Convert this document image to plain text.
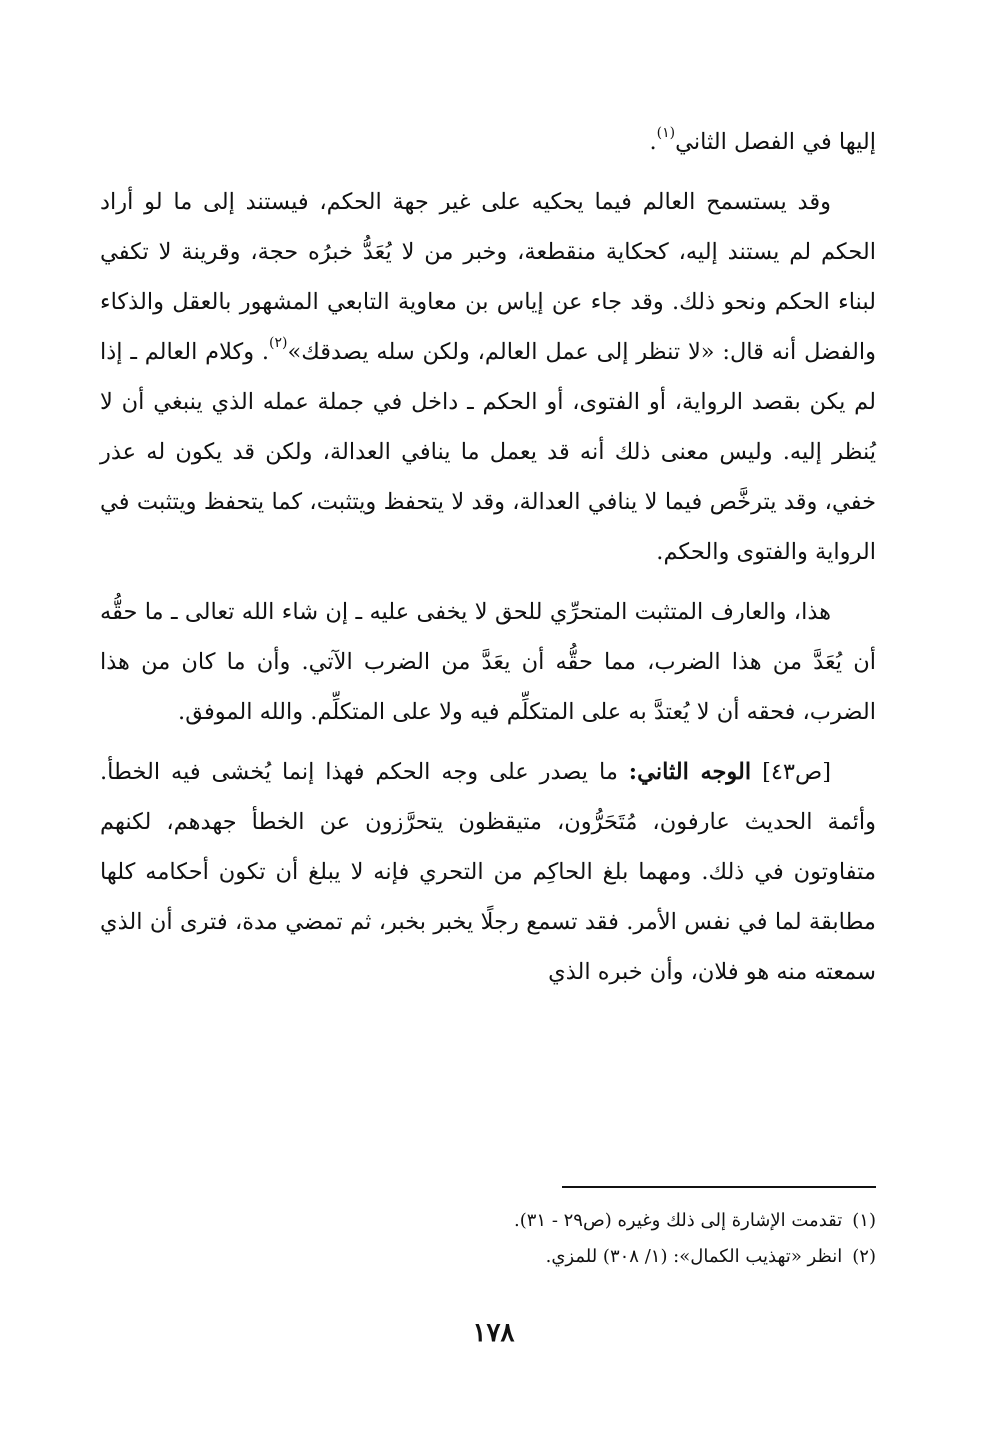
إليها في الفصل الثاني$^{(١)}$.

وقد يستسمح العالم فيما يحكيه على غير جهة الحكم، فيستند إلى ما لو أراد الحكم لم يستند إليه، كحكاية منقطعة، وخبر من لا يُعَدُّ خبرُه حجة، وقرينة لا تكفي لبناء الحكم ونحو ذلك. وقد جاء عن إياس بن معاوية التابعي المشهور بالعقل والذكاء والفضل أنه قال: «لا تنظر إلى عمل العالم، ولكن سله يصدقك»$^{(٢)}$. وكلام العالم ـ إذا لم يكن بقصد الرواية، أو الفتوى، أو الحكم ـ داخل في جملة عمله الذي ينبغي أن لا يُنظر إليه. وليس معنى ذلك أنه قد يعمل ما ينافي العدالة، ولكن قد يكون له عذر خفي، وقد يترخَّص فيما لا ينافي العدالة، وقد لا يتحفظ ويتثبت، كما يتحفظ ويتثبت في الرواية والفتوى والحكم.

هذا، والعارف المتثبت المتحرِّي للحق لا يخفى عليه ـ إن شاء الله تعالى ـ ما حقُّه أن يُعَدَّ من هذا الضرب، مما حقُّه أن يعَدَّ من الضرب الآتي. وأن ما كان من هذا الضرب، فحقه أن لا يُعتدَّ به على المتكلِّم فيه ولا على المتكلِّم. والله الموفق.

[ص٤٣] الوجه الثاني: ما يصدر على وجه الحكم فهذا إنما يُخشى فيه الخطأ. وأئمة الحديث عارفون، مُتَحَرُّون، متيقظون يتحرَّزون عن الخطأ جهدهم، لكنهم متفاوتون في ذلك. ومهما بلغ الحاكِم من التحري فإنه لا يبلغ أن تكون أحكامه كلها مطابقة لما في نفس الأمر. فقد تسمع رجلًا يخبر بخبر، ثم تمضي مدة، فترى أن الذي سمعته منه هو فلان، وأن خبره الذي

(١)تقدمت الإشارة إلى ذلك وغيره (ص٢٩ - ٣١).

(٢)انظر «تهذيب الكمال»: (١/ ٣٠٨) للمزي.

١٧٨
